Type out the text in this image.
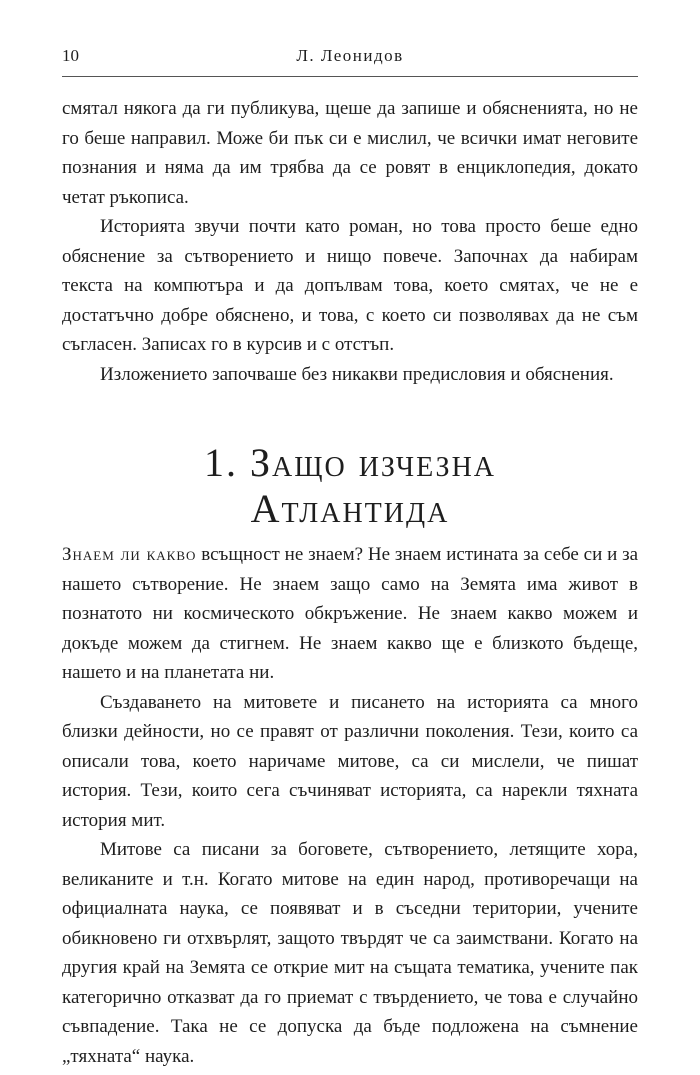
10	Л. Леонидов

смятал някога да ги публикува, щеше да запише и обясненията, но не го беше направил. Може би пък си е мислил, че всички имат неговите познания и няма да им трябва да се ровят в енциклопедия, докато четат ръкописа.

Историята звучи почти като роман, но това просто беше едно обяснение за сътворението и нищо повече. Започнах да набирам текста на компютъра и да допълвам това, което смятах, че не е достатъчно добре обяснено, и това, с което си позволявах да не съм съгласен. Записах го в курсив и с отстъп.

Изложението започваше без никакви предисловия и обяснения.

1. Защо изчезна
Атлантида

Знаем ли какво всъщност не знаем? Не знаем истината за себе си и за нашето сътворение. Не знаем защо само на Земята има живот в познатото ни космическото обкръжение. Не знаем какво можем и докъде можем да стигнем. Не знаем какво ще е близкото бъдеще, нашето и на планетата ни.

Създаването на митовете и писането на историята са много близки дейности, но се правят от различни поколения. Тези, които са описали това, което наричаме митове, са си мислели, че пишат история. Тези, които сега съчиняват историята, са нарекли тяхната история мит.

Митове са писани за боговете, сътворението, летящите хора, великаните и т.н. Когато митове на един народ, противоречащи на официалната наука, се появяват и в съседни територии, учените обикновено ги отхвърлят, защото твърдят че са заимствани. Когато на другия край на Земята се открие мит на същата тематика, учените пак категорично отказват да го приемат с твърдението, че това е случайно съвпадение. Така не се допуска да бъде подложена на съмнение „тяхната“ наука.
